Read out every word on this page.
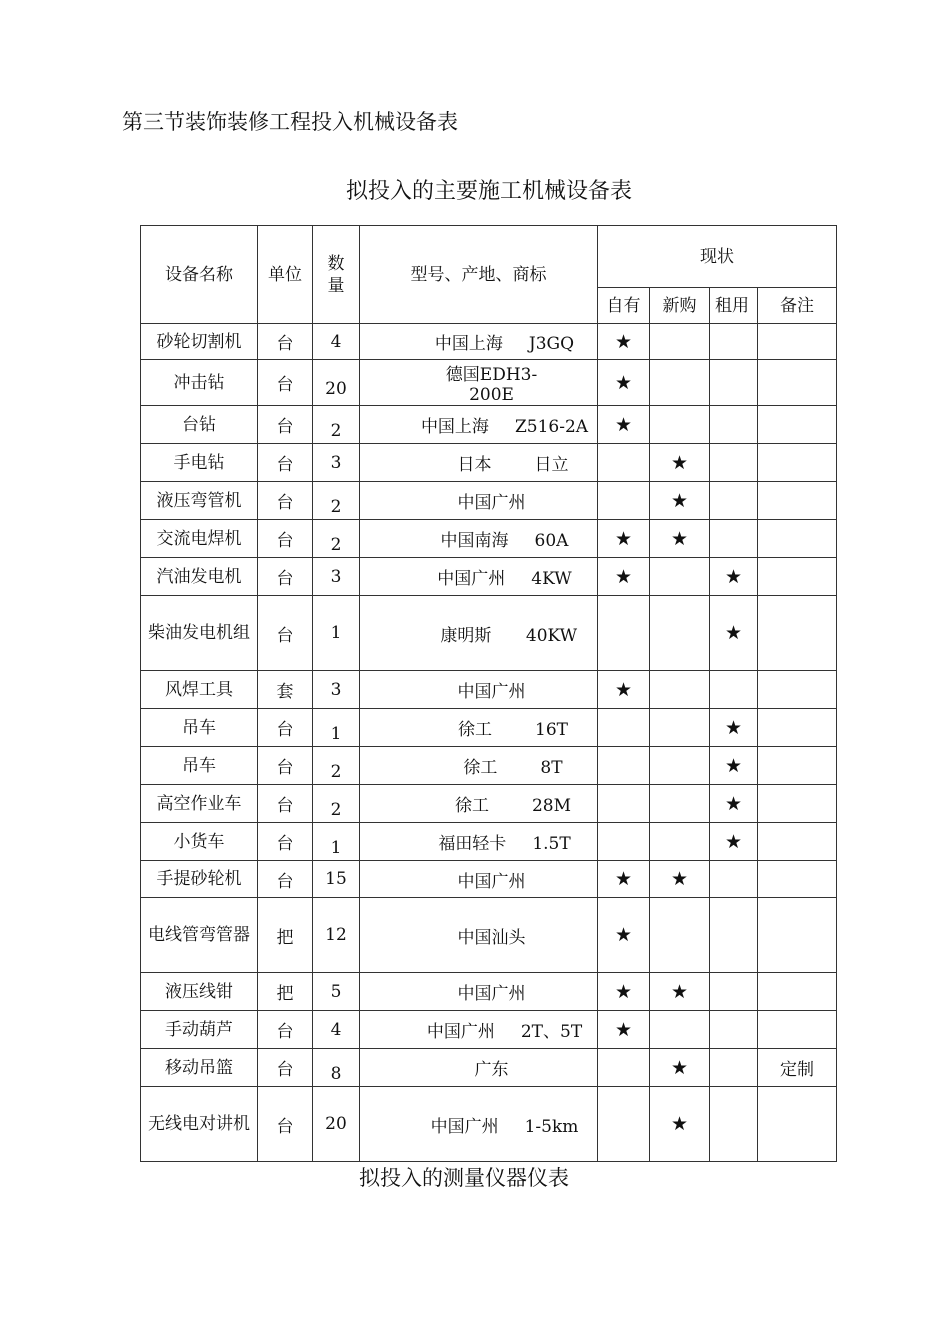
第三节装饰装修工程投入机械设备表
拟投入的主要施工机械设备表
设备名称	单位	数量	型号、产地、商标	现状			
				自有	新购	租用	备注
砂轮切割机	台	4	中国上海 J3GQ	★			
冲击钻	台	20	德国EDH3-200E	★			
台钻	台	2	中国上海 Z516-2A	★			
手电钻	台	3	日本 日立		★		
液压弯管机	台	2	中国广州		★		
交流电焊机	台	2	中国南海 60A	★	★		
汽油发电机	台	3	中国广州 4KW	★		★	
柴油发电机组	台	1	康明斯 40KW			★	
风焊工具	套	3	中国广州	★			
吊车	台	1	徐工 16T			★	
吊车	台	2	徐工 8T			★	
高空作业车	台	2	徐工 28M			★	
小货车	台	1	福田轻卡 1.5T			★	
手提砂轮机	台	15	中国广州	★	★		
电线管弯管器	把	12	中国汕头	★			
液压线钳	把	5	中国广州	★	★		
手动葫芦	台	4	中国广州 2T、5T	★			
移动吊篮	台	8	广东		★		定制
无线电对讲机	台	20	中国广州 1-5km		★		
拟投入的测量仪器仪表
